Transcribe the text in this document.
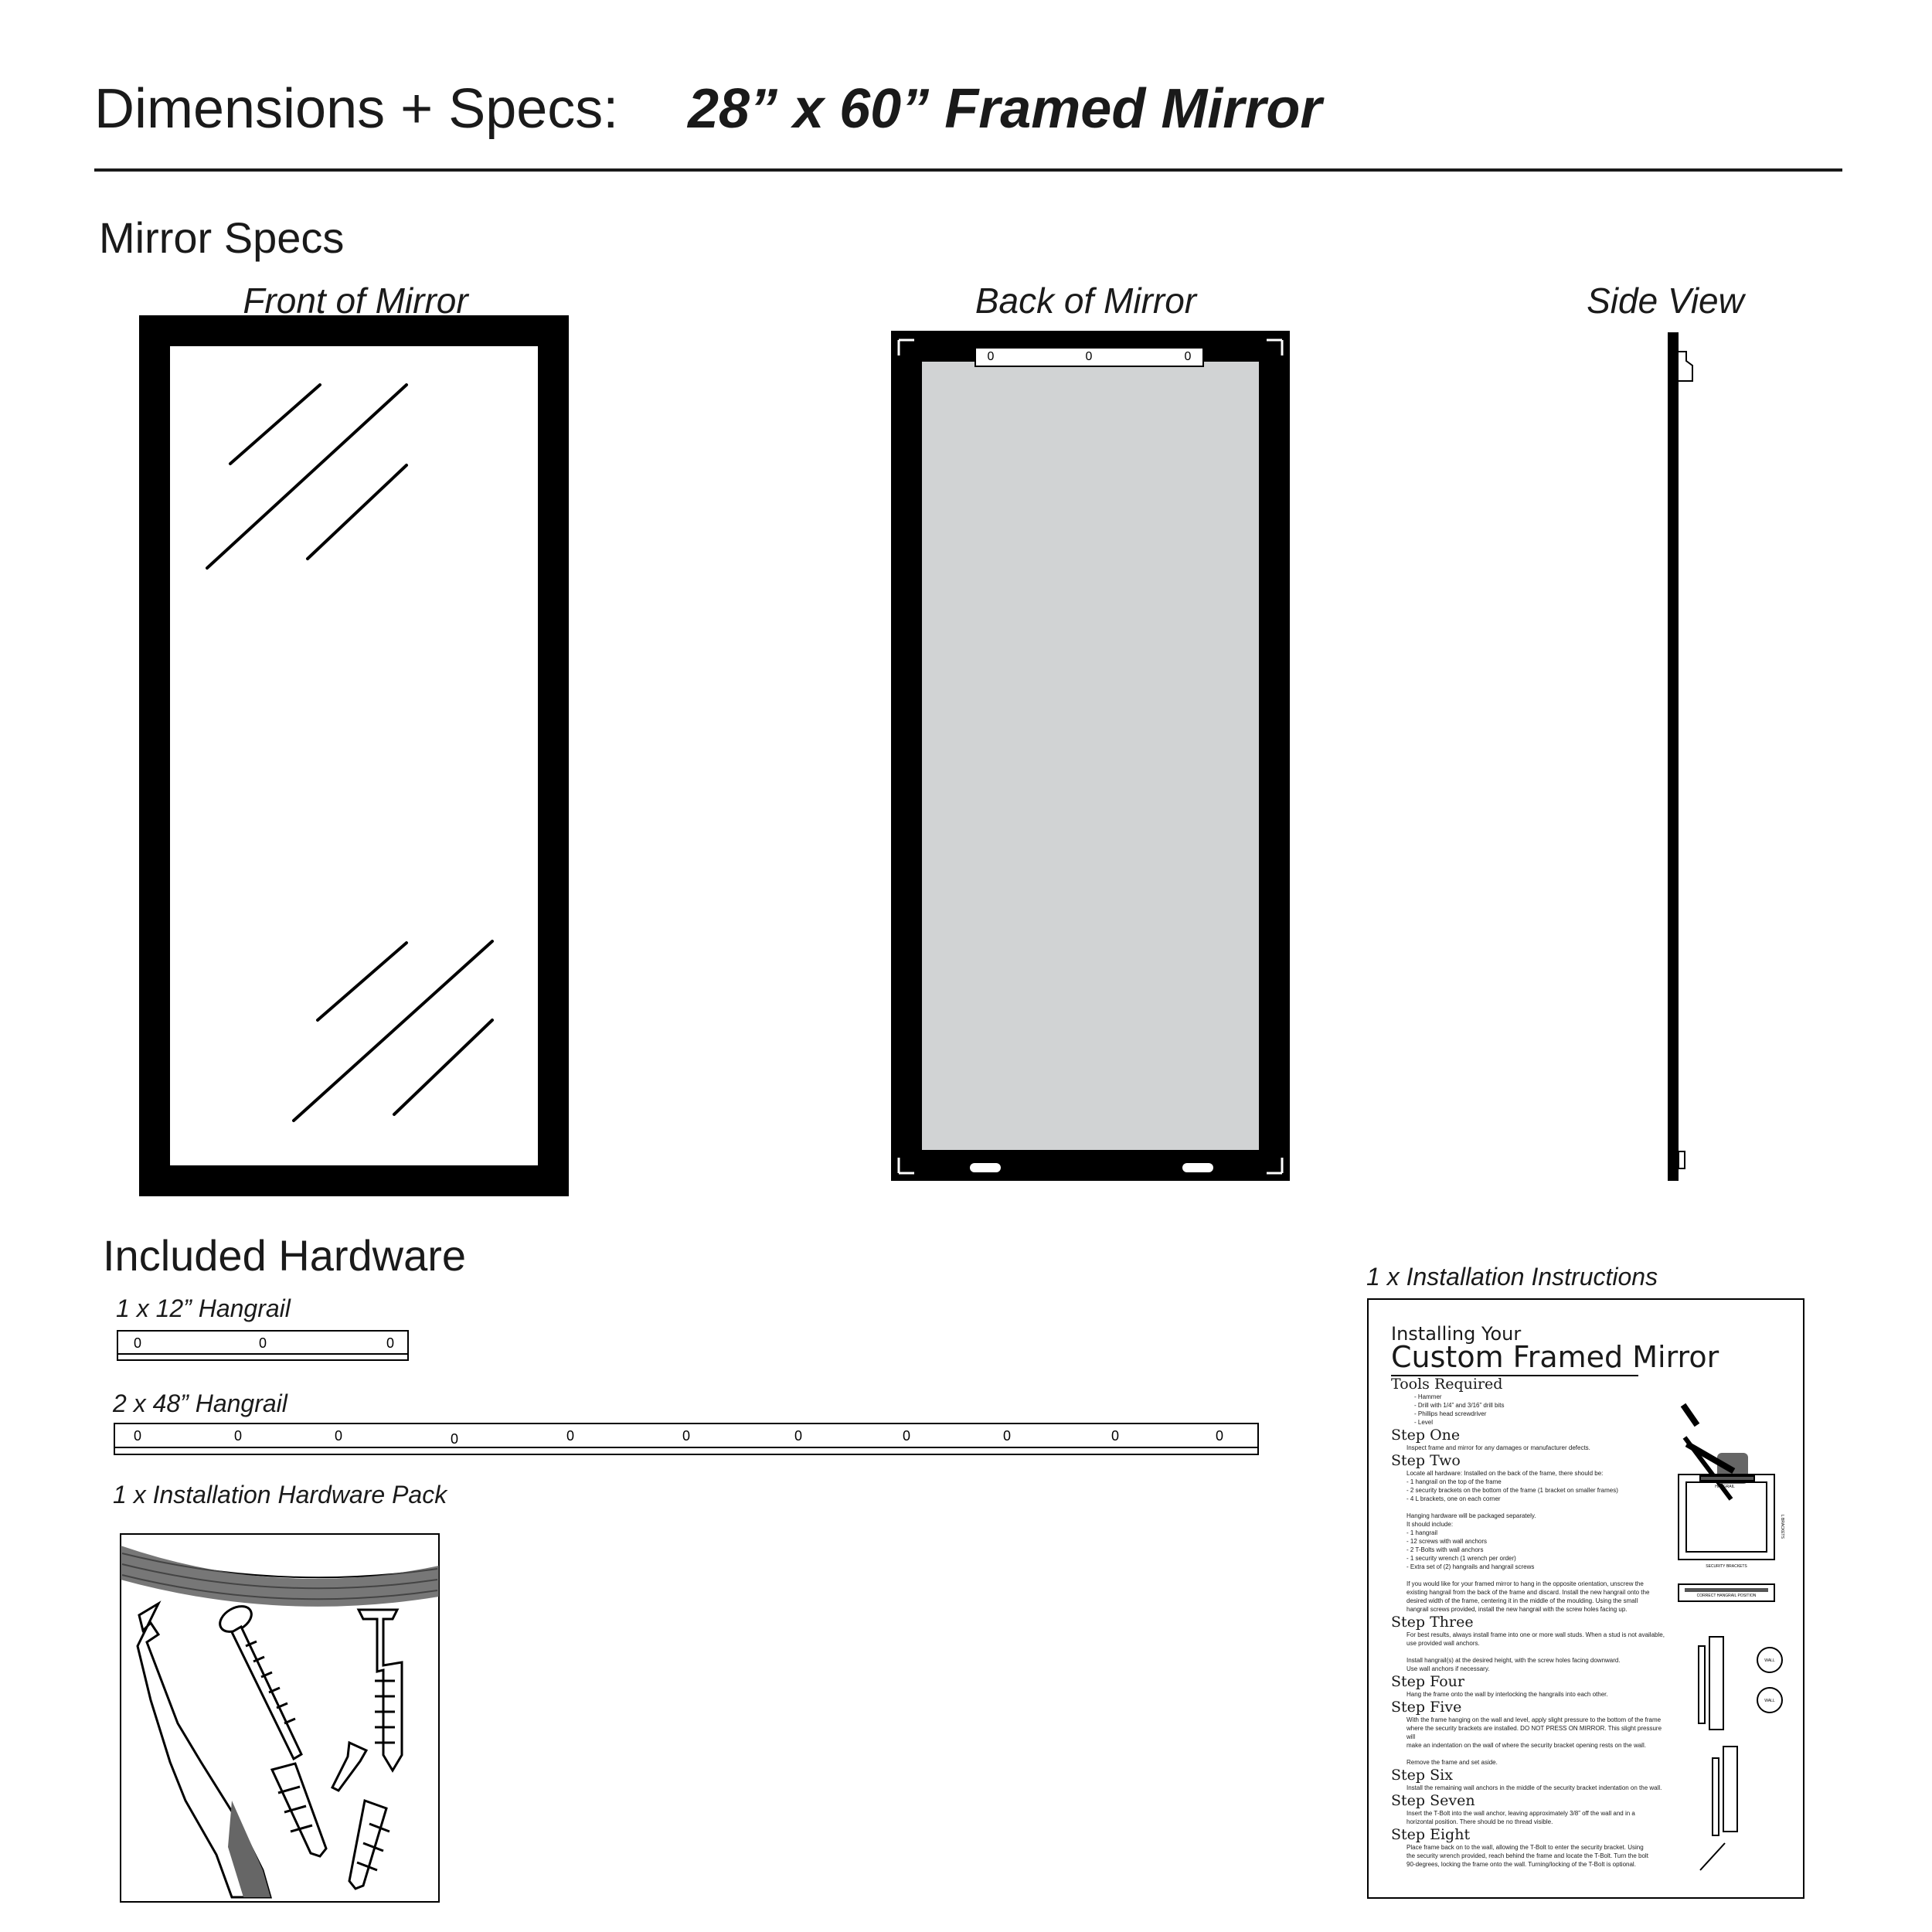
Dimensions + Specs: 28” x 60” Framed Mirror
Mirror Specs
Front of Mirror	Back of Mirror	Side View
0	0	0
Included Hardware
1 x 12” Hangrail
2 x 48” Hangrail
1 x Installation Hardware Pack
1 x Installation Instructions
0	0	0
0	0	0	0	0	0	0	0	0	0	0
HANGRAIL
SECURITY BRACKETS
CORRECT HANGRAIL POSITION
WALL
WALL
L BRACKETS
Installing Your
Custom Framed Mirror
Tools Required
- Hammer
- Drill with 1/4” and 3/16” drill bits
- Phillips head screwdriver
- Level
Step One
Inspect frame and mirror for any damages or manufacturer defects.
Step Two
Locate all hardware: Installed on the back of the frame, there should be:
- 1 hangrail on the top of the frame
- 2 security brackets on the bottom of the frame (1 bracket on smaller frames)
- 4 L brackets, one on each corner

Hanging hardware will be packaged separately.
It should include:
- 1 hangrail
- 12 screws with wall anchors
- 2 T-Bolts with wall anchors
- 1 security wrench (1 wrench per order)
- Extra set of (2) hangrails and hangrail screws

If you would like for your framed mirror to hang in the opposite orientation, unscrew the
existing hangrail from the back of the frame and discard. Install the new hangrail onto the
desired width of the frame, centering it in the middle of the moulding. Using the small
hangrail screws provided, install the new hangrail with the screw holes facing up.
Step Three
For best results, always install frame into one or more wall studs. When a stud is not available,
use provided wall anchors.

Install hangrail(s) at the desired height, with the screw holes facing downward.
Use wall anchors if necessary.
Step Four
Hang the frame onto the wall by interlocking the hangrails into each other.
Step Five
With the frame hanging on the wall and level, apply slight pressure to the bottom of the frame
where the security brackets are installed. DO NOT PRESS ON MIRROR. This slight pressure will
make an indentation on the wall of where the security bracket opening rests on the wall.

Remove the frame and set aside.
Step Six
Install the remaining wall anchors in the middle of the security bracket indentation on the wall.
Step Seven
Insert the T-Bolt into the wall anchor, leaving approximately 3/8” off the wall and in a
horizontal position. There should be no thread visible.
Step Eight
Place frame back on to the wall, allowing the T-Bolt to enter the security bracket. Using
the security wrench provided, reach behind the frame and locate the T-Bolt. Turn the bolt
90-degrees, locking the frame onto the wall. Turning/locking of the T-Bolt is optional.
